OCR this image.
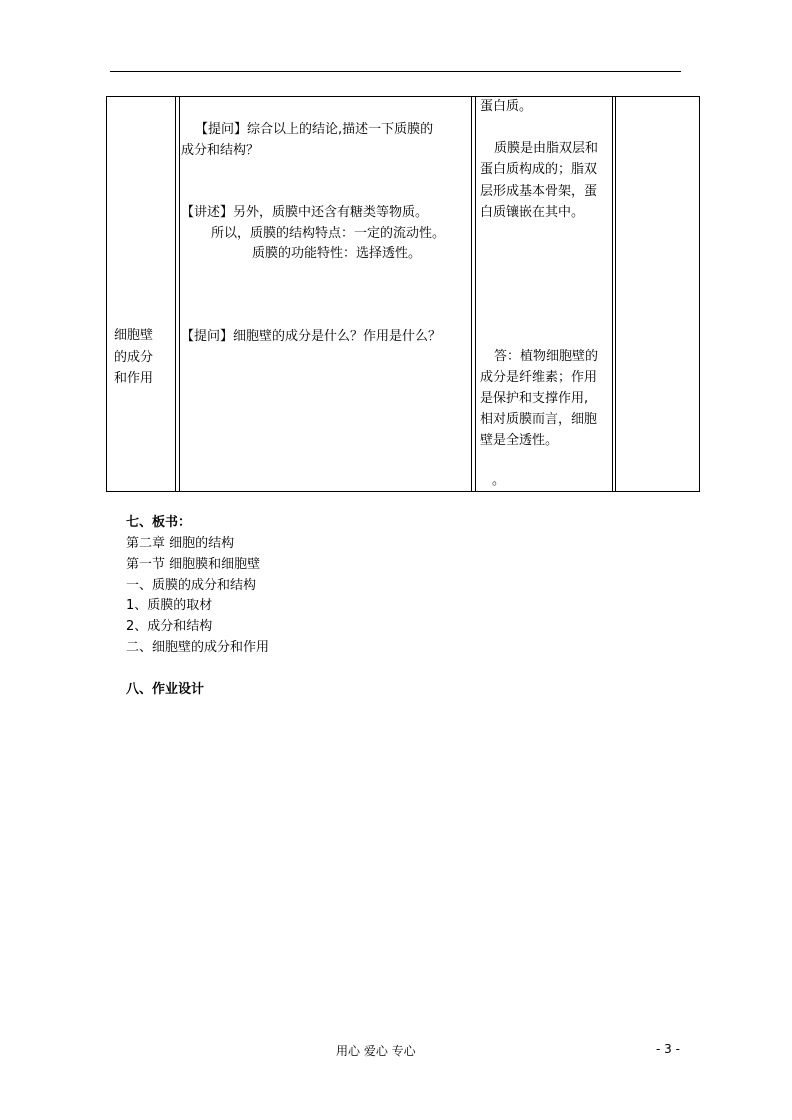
细胞壁
的成分
和作用
【提问】综合以上的结论,描述一下质膜的
成分和结构？
【讲述】另外，质膜中还含有糖类等物质。
所以，质膜的结构特点：一定的流动性。
质膜的功能特性：选择透性。
【提问】细胞壁的成分是什么？作用是什么？
蛋白质。
质膜是由脂双层和
蛋白质构成的；脂双
层形成基本骨架，蛋
白质镶嵌在其中。
答：植物细胞壁的
成分是纤维素；作用
是保护和支撑作用,
相对质膜而言，细胞
壁是全透性。
。
七、板书：
第二章 细胞的结构
第一节 细胞膜和细胞壁
一、质膜的成分和结构
1、质膜的取材
2、成分和结构
二、细胞壁的成分和作用
八、作业设计
用心 爱心 专心	- 3 -
